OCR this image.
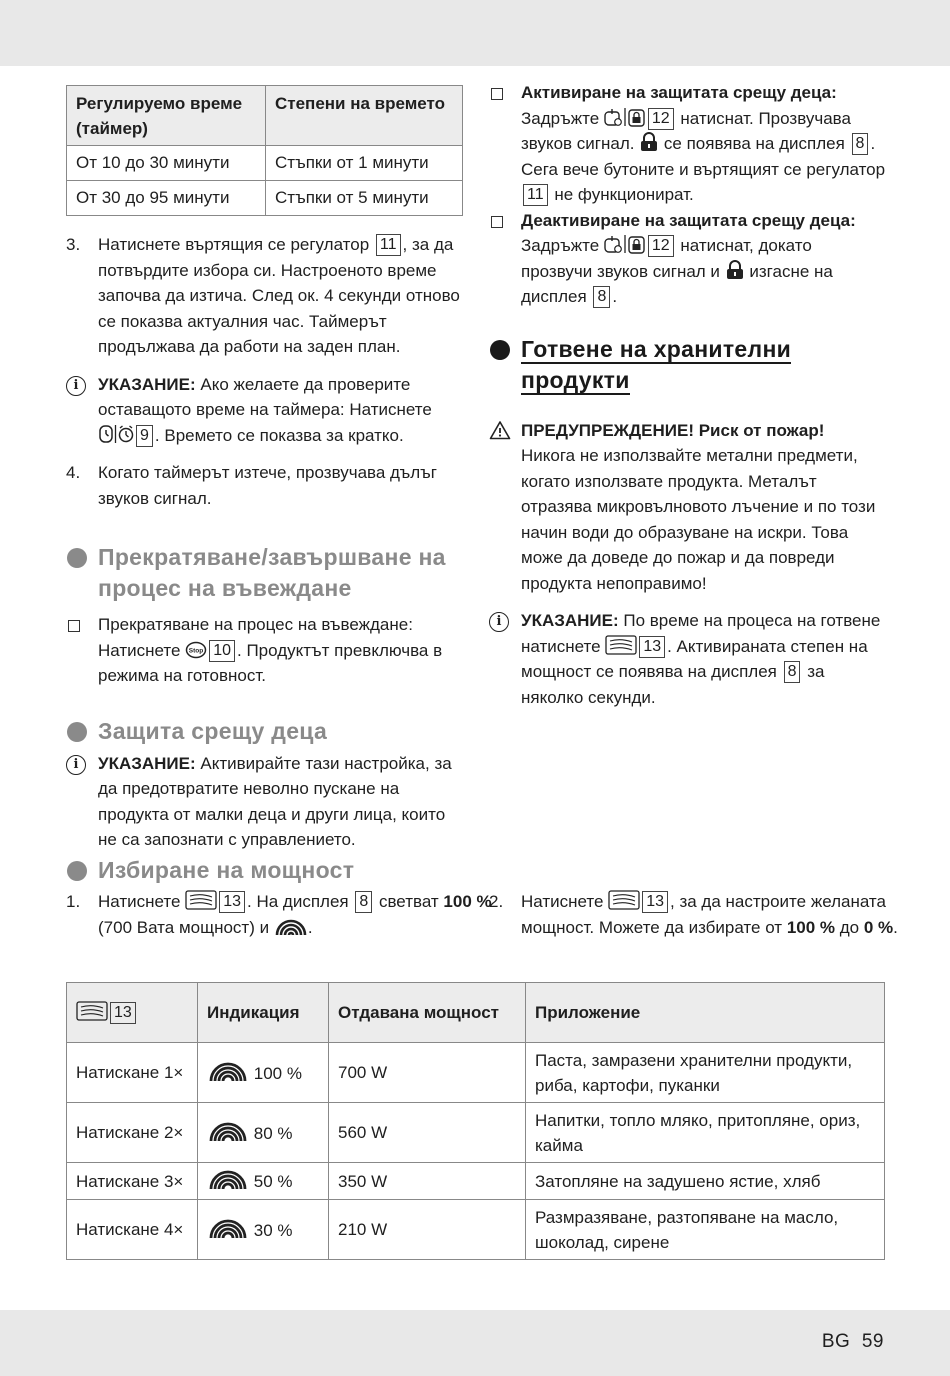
Регулируемо време (таймер)	Степени на времето
От 10 до 30 минути	Стъпки от 1 минути
От 30 до 95 минути	Стъпки от 5 минути
3. Натиснете въртящия се регулатор 11 , за да потвърдите избора си. Настроеното време започва да изтича. След ок. 4 секунди отново се показва актуалния час. Таймерът продължава да работи на заден план.
i	УКАЗАНИЕ: Ако желаете да проверите оставащото време на таймера: Натиснете 9 . Времето се показва за кратко.
4. Когато таймерът изтече, прозвучава дълъг звуков сигнал.
Прекратяване/завършване на процес на въвеждане
Прекратяване на процес на въвеждане: Натиснете Stop 10 . Продуктът превключва в режима на готовност.
Защита срещу деца
i	УКАЗАНИЕ: Активирайте тази настройка, за да предотвратите неволно пускане на продукта от малки деца и други лица, които не са запознати с управлението.
Избиране на мощност
1. Натиснете 13 . На дисплея 8 светват 100 % (700 Вата мощност) и .
Активиране на защитата срещу деца: Задръжте	12 натиснат. Прозвучава звуков сигнал.  се появява на дисплея 8 . Сега вече бутоните и въртящият се регулатор 11 не функционират.
Деактивиране на защитата срещу деца: Задръжте	12 натиснат, докато прозвучи звуков сигнал и  изгасне на дисплея 8 .
Готвене на хранителни продукти
ПРЕДУПРЕЖДЕНИЕ! Риск от пожар!
Никога не използвайте метални предмети, когато използвате продукта. Металът отразява микровълновото лъчение и по този начин води до образуване на искри. Това може да доведе до пожар и да повреди продукта непоправимо!
i	УКАЗАНИЕ: По време на процеса на готвене натиснете 13 . Активираната степен на мощност се появява на дисплея 8 за няколко секунди.
2. Натиснете 13 , за да настроите желаната мощност. Можете да избирате от 100 % до 0 %.
13	Индикация	Отдавана мощност	Приложение
Натискане 1×	100 %	700 W	Паста, замразени хранителни продукти, риба, картофи, пуканки
Натискане 2×	80 %	560 W	Напитки, топло мляко, притопляне, ориз, кайма
Натискане 3×	50 %	350 W	Затопляне на задушено ястие, хляб
Натискане 4×	30 %	210 W	Размразяване, разтопяване на масло, шоколад, сирене
BG 59
